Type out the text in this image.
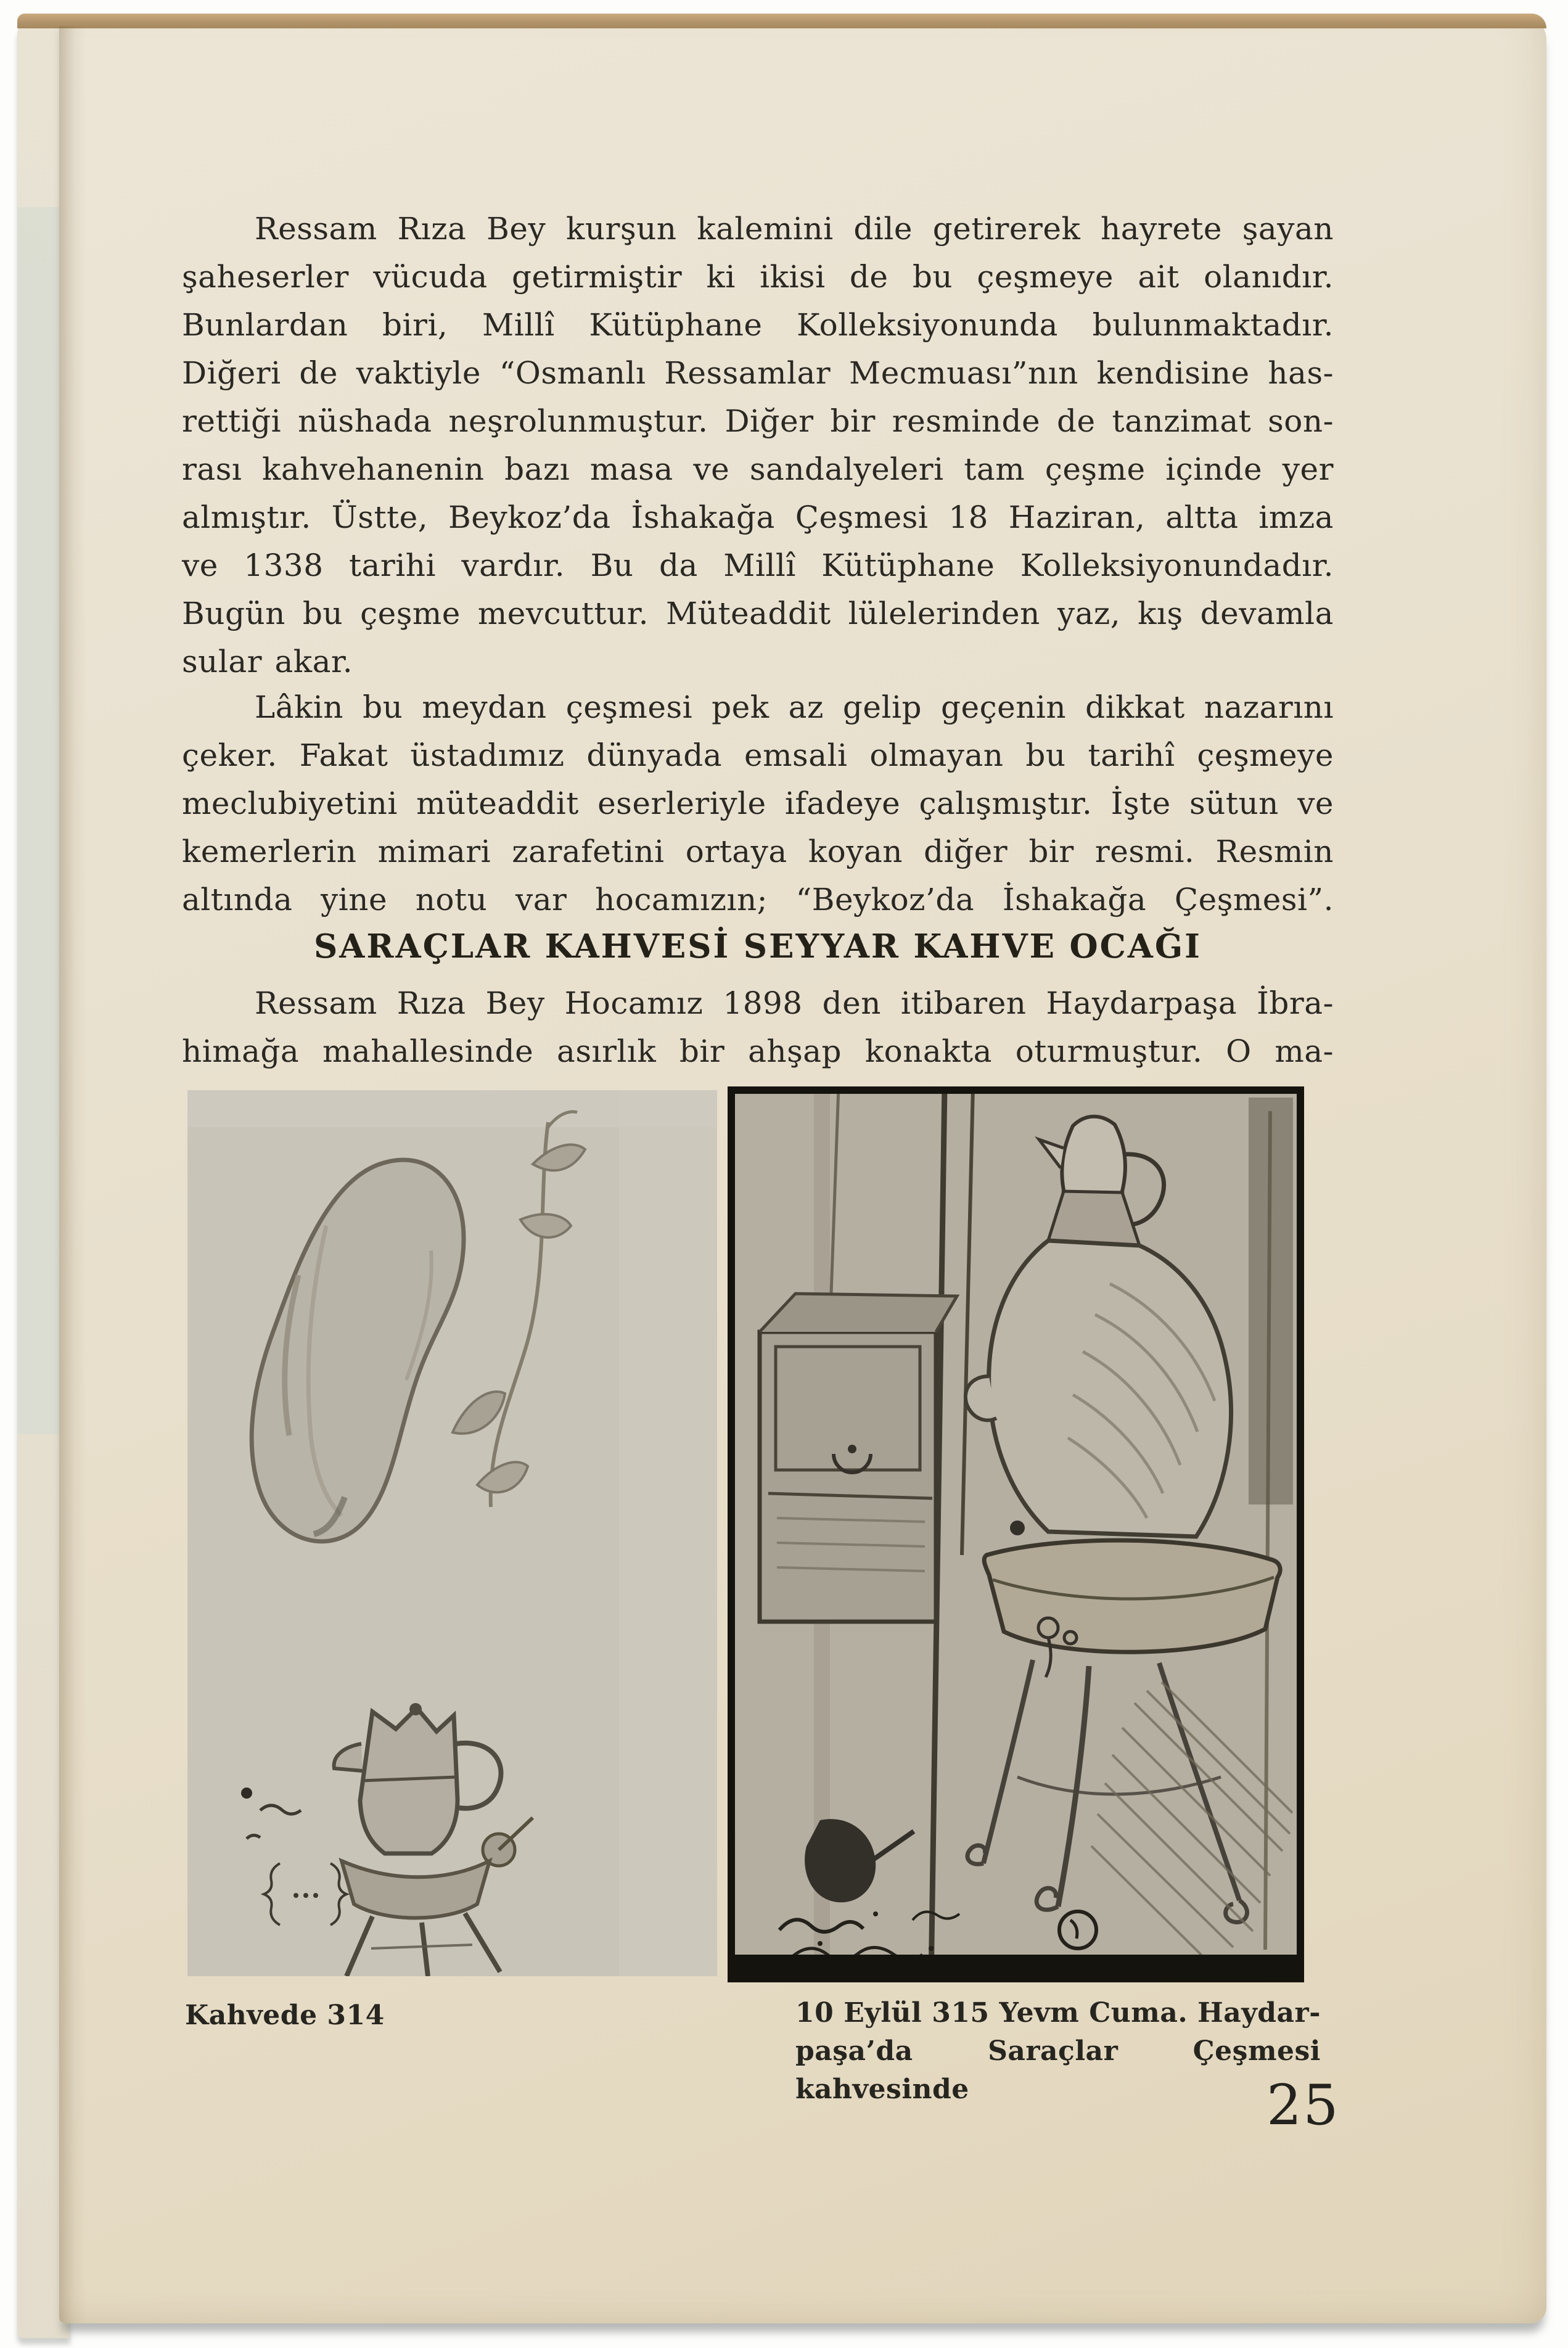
Ressam Rıza Bey kurşun kalemini dile getirerek hayrete şayan
şaheserler vücuda getirmiştir ki ikisi de bu çeşmeye ait olanıdır.
Bunlardan biri, Millî Kütüphane Kolleksiyonunda bulunmaktadır.
Diğeri de vaktiyle “Osmanlı Ressamlar Mecmuası”nın kendisine has-
rettiği nüshada neşrolunmuştur. Diğer bir resminde de tanzimat son-
rası kahvehanenin bazı masa ve sandalyeleri tam çeşme içinde yer
almıştır. Üstte, Beykoz’da İshakağa Çeşmesi 18 Haziran, altta imza
ve 1338 tarihi vardır. Bu da Millî Kütüphane Kolleksiyonundadır.
Bugün bu çeşme mevcuttur. Müteaddit lülelerinden yaz, kış devamla
sular akar.
Lâkin bu meydan çeşmesi pek az gelip geçenin dikkat nazarını
çeker. Fakat üstadımız dünyada emsali olmayan bu tarihî çeşmeye
meclubiyetini müteaddit eserleriyle ifadeye çalışmıştır. İşte sütun ve
kemerlerin mimari zarafetini ortaya koyan diğer bir resmi. Resmin
altında yine notu var hocamızın; “Beykoz’da İshakağa Çeşmesi”.
SARAÇLAR KAHVESİ SEYYAR KAHVE OCAĞI
Ressam Rıza Bey Hocamız 1898 den itibaren Haydarpaşa İbra-
himağa mahallesinde asırlık bir ahşap konakta oturmuştur. O ma-
Kahvede 314	10 Eylül 315 Yevm Cuma. Haydar-
paşa’da Saraçlar Çeşmesi kahvesinde	25
